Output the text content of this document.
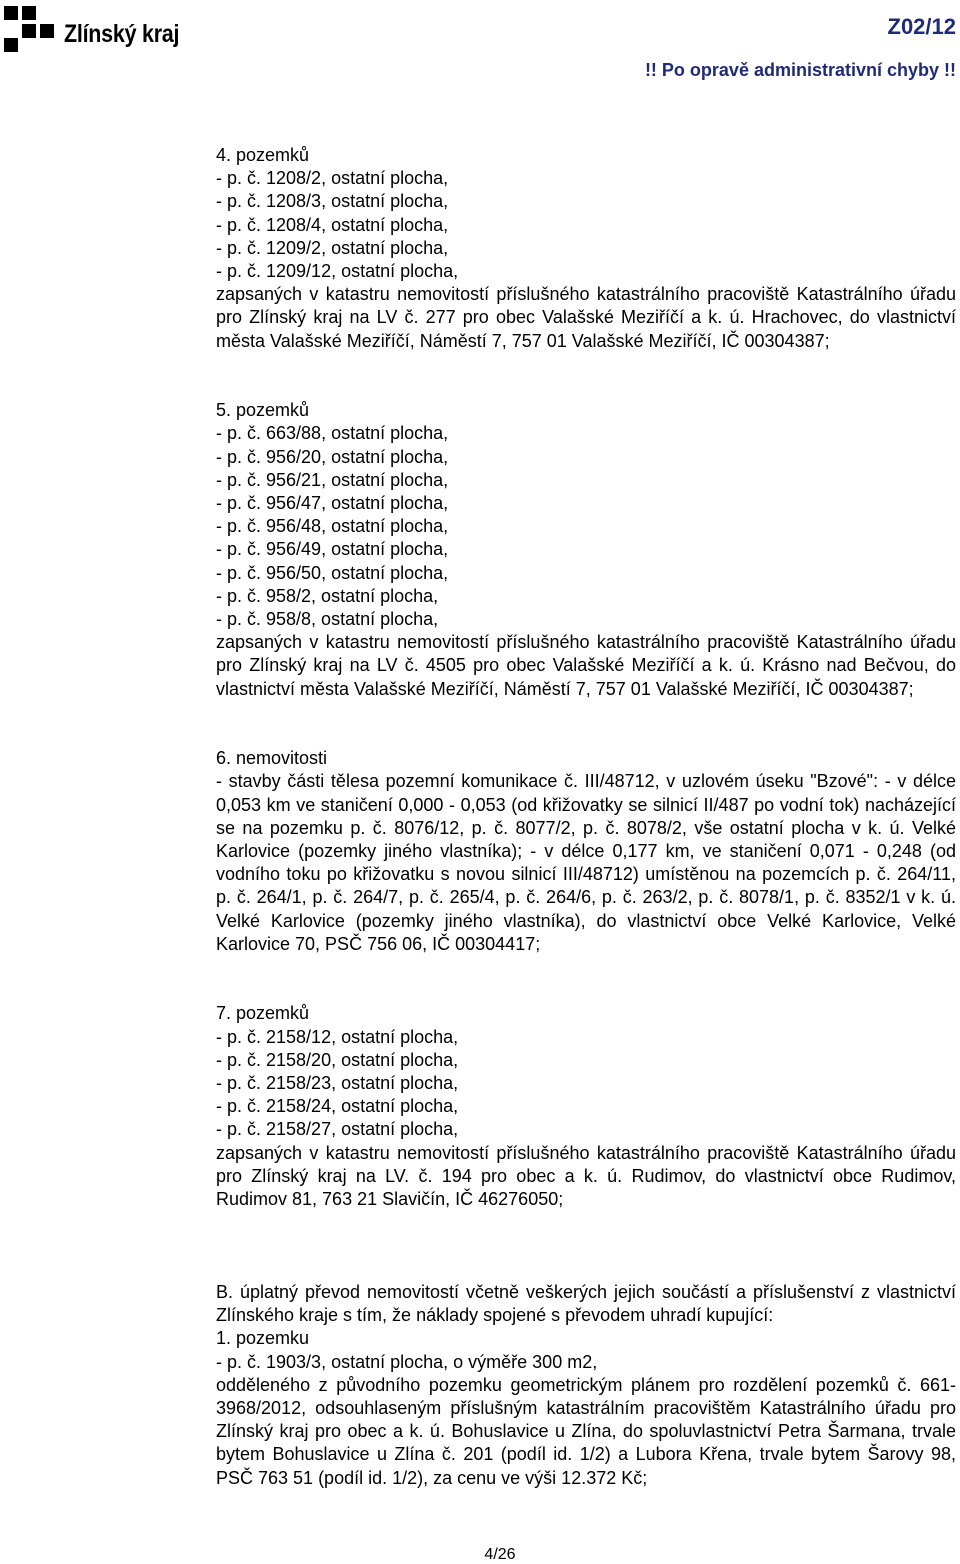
Zlínský kraj	Z02/12
!! Po opravě administrativní chyby !!
4. pozemků
- p. č. 1208/2, ostatní plocha,
- p. č. 1208/3, ostatní plocha,
- p. č. 1208/4, ostatní plocha,
- p. č. 1209/2, ostatní plocha,
- p. č. 1209/12, ostatní plocha,
zapsaných v katastru nemovitostí příslušného katastrálního pracoviště Katastrálního úřadu pro Zlínský kraj na LV č. 277 pro obec Valašské Meziříčí a k. ú. Hrachovec, do vlastnictví města Valašské Meziříčí, Náměstí 7, 757 01 Valašské Meziříčí, IČ 00304387;
5. pozemků
- p. č. 663/88, ostatní plocha,
- p. č. 956/20, ostatní plocha,
- p. č. 956/21, ostatní plocha,
- p. č. 956/47, ostatní plocha,
- p. č. 956/48, ostatní plocha,
- p. č. 956/49, ostatní plocha,
- p. č. 956/50, ostatní plocha,
- p. č. 958/2, ostatní plocha,
- p. č. 958/8, ostatní plocha,
zapsaných v katastru nemovitostí příslušného katastrálního pracoviště Katastrálního úřadu pro Zlínský kraj na LV č. 4505 pro obec Valašské Meziříčí a k. ú. Krásno nad Bečvou, do vlastnictví města Valašské Meziříčí, Náměstí 7, 757 01 Valašské Meziříčí, IČ 00304387;
6. nemovitosti
- stavby části tělesa pozemní komunikace č. III/48712, v uzlovém úseku "Bzové": - v délce 0,053 km ve staničení 0,000 - 0,053 (od křižovatky se silnicí II/487 po vodní tok) nacházející se na pozemku p. č. 8076/12, p. č. 8077/2, p. č. 8078/2, vše ostatní plocha v k. ú. Velké Karlovice (pozemky jiného vlastníka); - v délce 0,177 km, ve staničení 0,071 - 0,248 (od vodního toku po křižovatku s novou silnicí III/48712) umístěnou na pozemcích p. č. 264/11, p. č. 264/1, p. č. 264/7, p. č. 265/4, p. č. 264/6, p. č. 263/2, p. č. 8078/1, p. č. 8352/1 v k. ú. Velké Karlovice (pozemky jiného vlastníka), do vlastnictví obce Velké Karlovice, Velké Karlovice 70, PSČ 756 06, IČ 00304417;
7. pozemků
- p. č. 2158/12, ostatní plocha,
- p. č. 2158/20, ostatní plocha,
- p. č. 2158/23, ostatní plocha,
- p. č. 2158/24, ostatní plocha,
- p. č. 2158/27, ostatní plocha,
zapsaných v katastru nemovitostí příslušného katastrálního pracoviště Katastrálního úřadu pro Zlínský kraj na LV. č. 194 pro obec a k. ú. Rudimov, do vlastnictví obce Rudimov, Rudimov 81, 763 21 Slavičín, IČ 46276050;
B. úplatný převod nemovitostí včetně veškerých jejich součástí a příslušenství z vlastnictví Zlínského kraje s tím, že náklady spojené s převodem uhradí kupující:
1. pozemku
- p. č. 1903/3, ostatní plocha, o výměře 300 m2,
odděleného z původního pozemku geometrickým plánem pro rozdělení pozemků č. 661-3968/2012, odsouhlaseným příslušným katastrálním pracovištěm Katastrálního úřadu pro Zlínský kraj pro obec a k. ú. Bohuslavice u Zlína, do spoluvlastnictví Petra Šarmana, trvale bytem Bohuslavice u Zlína č. 201 (podíl id. 1/2) a Lubora Křena, trvale bytem Šarovy 98, PSČ 763 51 (podíl id. 1/2), za cenu ve výši 12.372 Kč;
4/26
